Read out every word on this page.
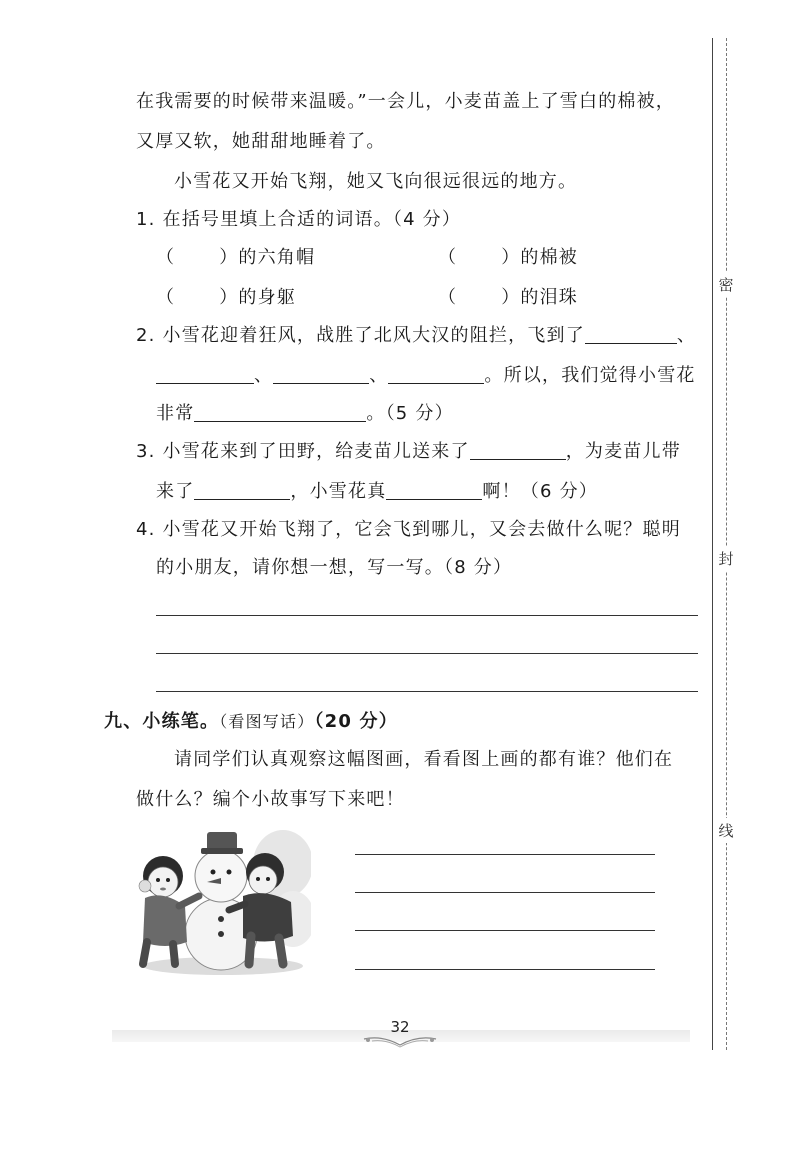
在我需要的时候带来温暖。”一会儿，小麦苗盖上了雪白的棉被，
又厚又软，她甜甜地睡着了。
小雪花又开始飞翔，她又飞向很远很远的地方。
1. 在括号里填上合适的词语。（4 分）
（ ）的六角帽	（ ）的棉被
（ ）的身躯	（ ）的泪珠
2. 小雪花迎着狂风，战胜了北风大汉的阻拦，飞到了	、
、	、	。所以，我们觉得小雪花
非常	。（5 分）
3. 小雪花来到了田野，给麦苗儿送来了	，为麦苗儿带
来了	，小雪花真	啊！（6 分）
4. 小雪花又开始飞翔了，它会飞到哪儿，又会去做什么呢？聪明
的小朋友，请你想一想，写一写。（8 分）
九、小练笔。（看图写话）（20 分）
请同学们认真观察这幅图画，看看图上画的都有谁？他们在
做什么？编个小故事写下来吧！
密
封
线
32
